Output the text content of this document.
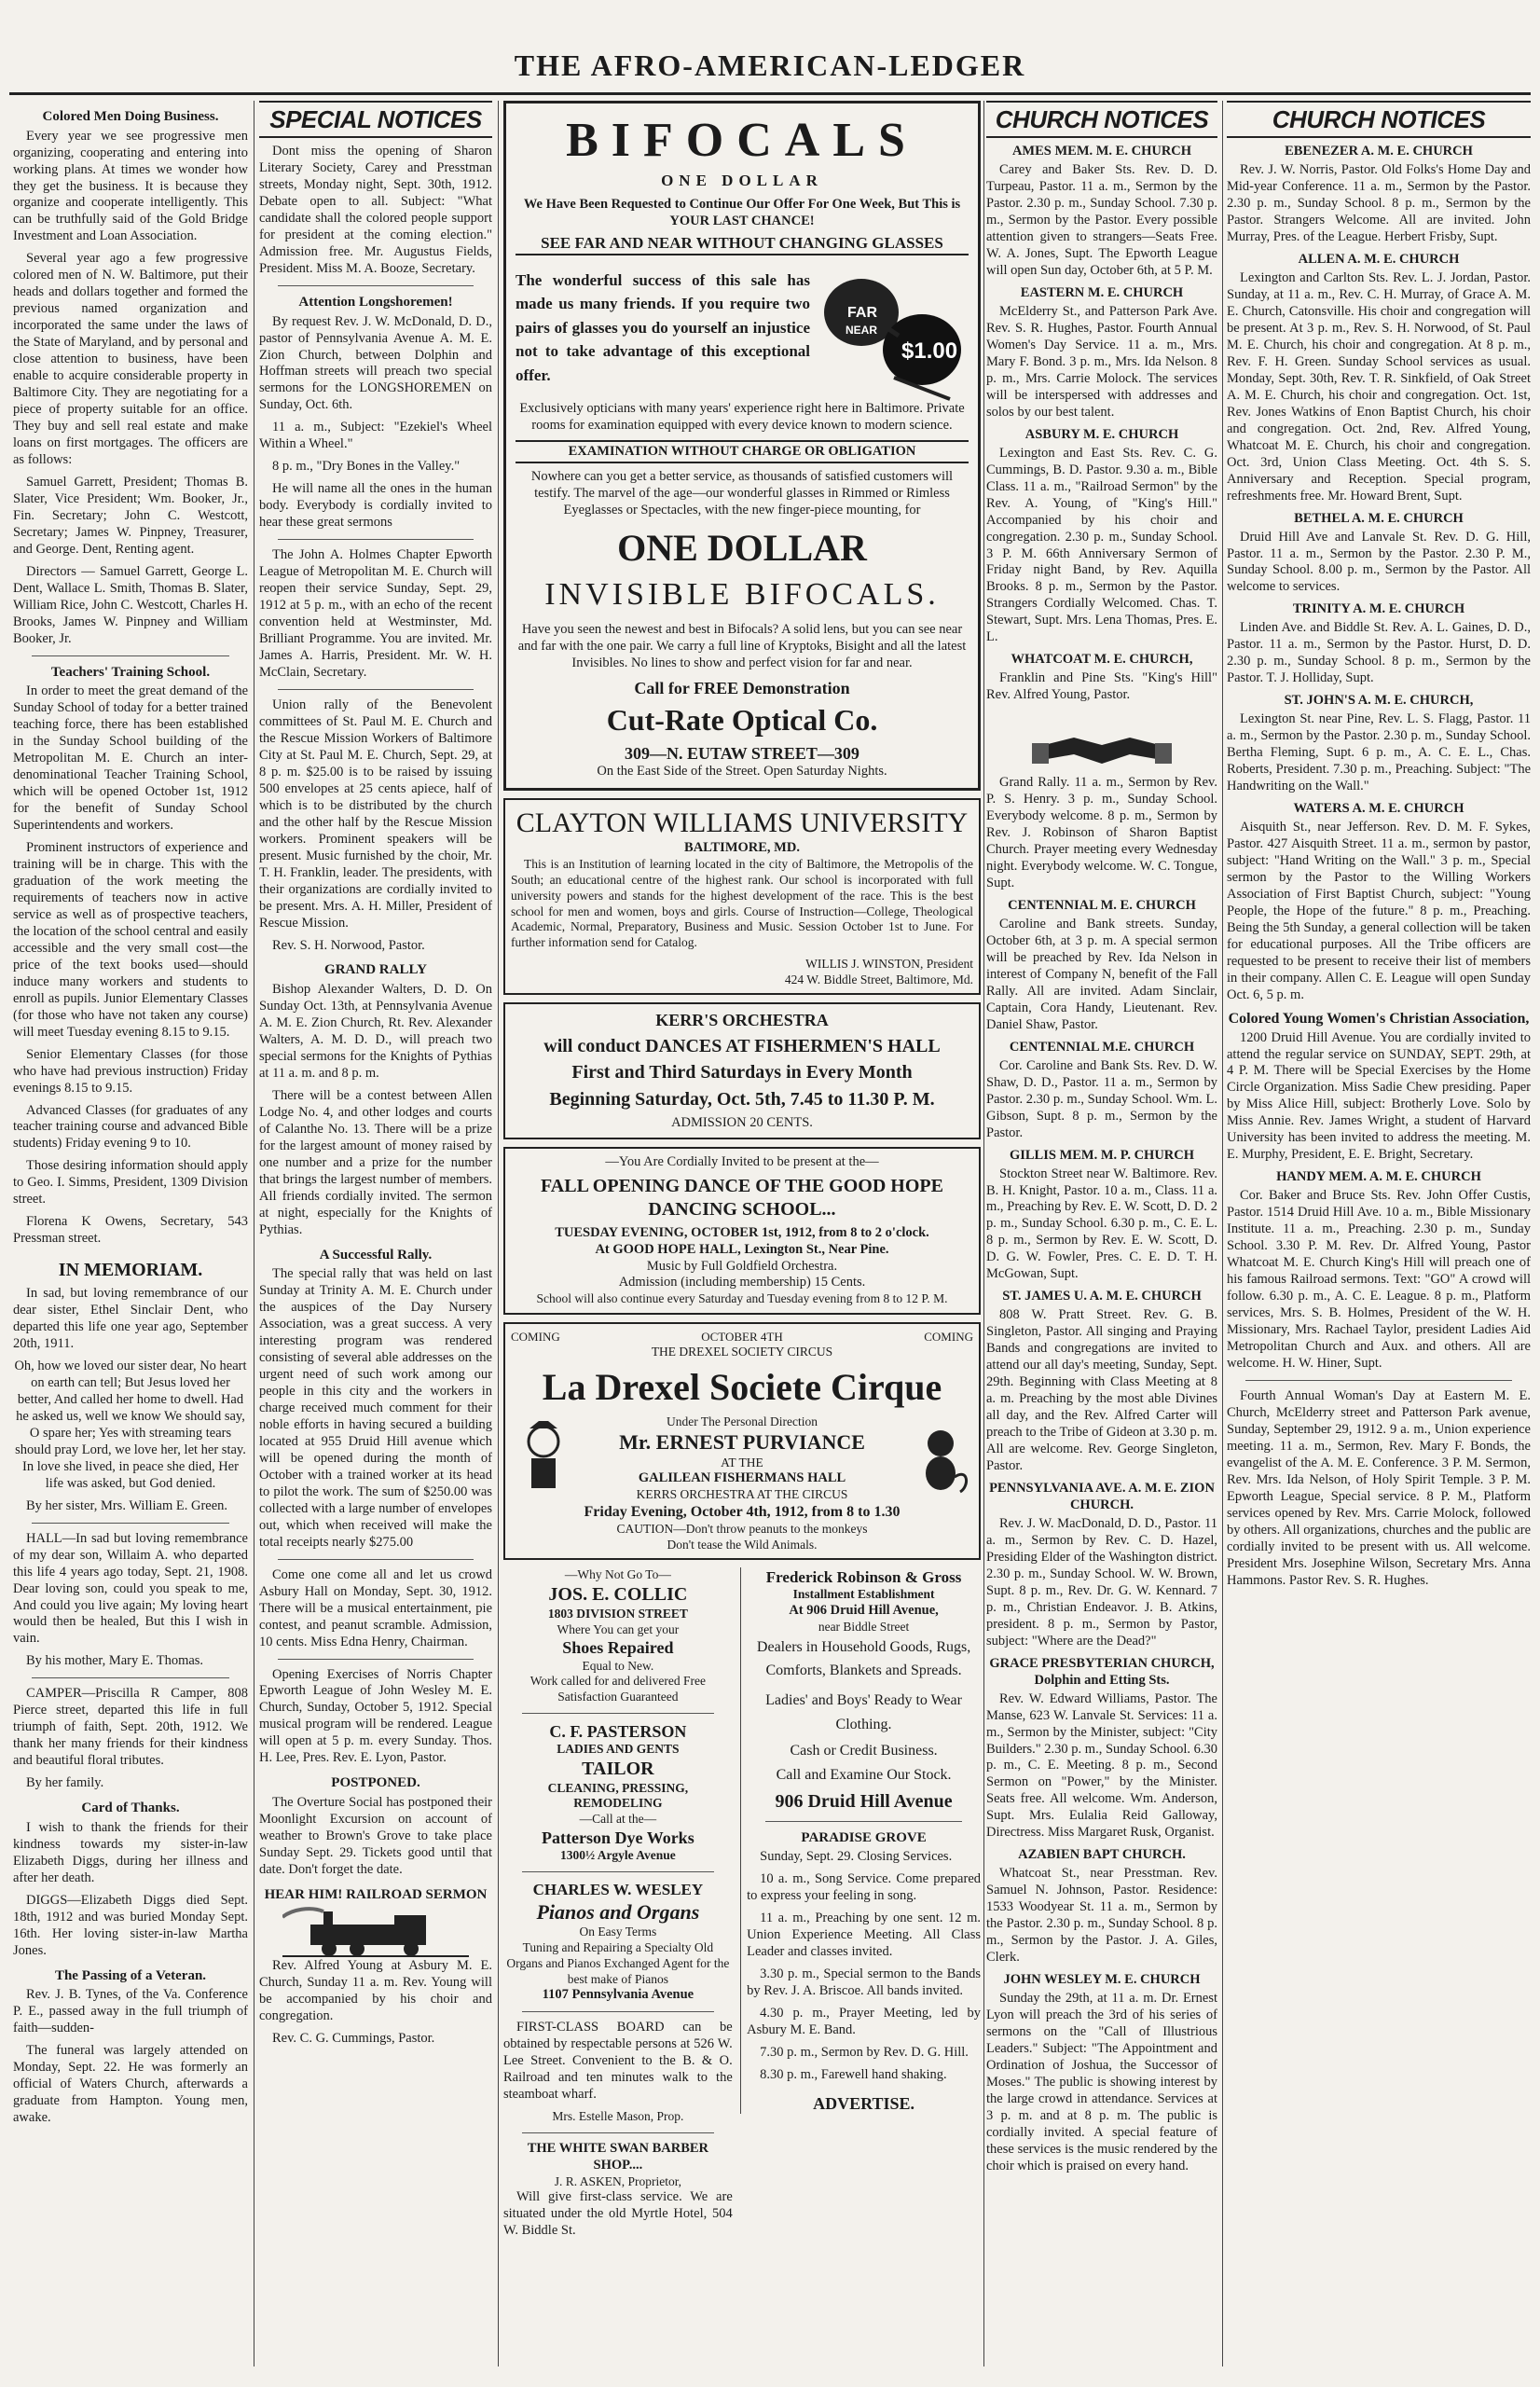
THE AFRO-AMERICAN-LEDGER
Colored Men Doing Business.

Every year we see progressive men organizing, cooperating and entering into working plans. At times we wonder how they get the business. It is because they organize and cooperate intelligently. This can be truthfully said of the Gold Bridge Investment and Loan Association.

Several year ago a few progressive colored men of N. W. Baltimore, put their heads and dollars together and formed the previous named organization and incorporated the same under the laws of the State of Maryland, and by personal and close attention to business, have been enable to acquire considerable property in Baltimore City. They are negotiating for a piece of property suitable for an office. They buy and sell real estate and make loans on first mortgages. The officers are as follows:

Samuel Garrett, President; Thomas B. Slater, Vice President; Wm. Booker, Jr., Fin. Secretary; John C. Westcott, Secretary; James W. Pinpney, Treasurer, and George. Dent, Renting agent.

Directors — Samuel Garrett, George L. Dent, Wallace L. Smith, Thomas B. Slater, William Rice, John C. Westcott, Charles H. Brooks, James W. Pinpney and William Booker, Jr.

Teachers' Training School.

In order to meet the great demand of the Sunday School of today for a better trained teaching force, there has been established in the Sunday School building of the Metropolitan M. E. Church an inter-denominational Teacher Training School, which will be opened October 1st, 1912 for the benefit of Sunday School Superintendents and workers.

Prominent instructors of experience and training will be in charge. This with the graduation of the work meeting the requirements of teachers now in active service as well as of prospective teachers, the location of the school central and easily accessible and the very small cost—the price of the text books used—should induce many workers and students to enroll as pupils. Junior Elementary Classes (for those who have not taken any course) will meet Tuesday evening 8.15 to 9.15.

Senior Elementary Classes (for those who have had previous instruction) Friday evenings 8.15 to 9.15.

Advanced Classes (for graduates of any teacher training course and advanced Bible students) Friday evening 9 to 10.

Those desiring information should apply to Geo. I. Simms, President, 1309 Division street.

Florena K Owens, Secretary, 543 Pressman street.

IN MEMORIAM.

In sad, but loving remembrance of our dear sister, Ethel Sinclair Dent, who departed this life one year ago, September 20th, 1911.

Oh, how we loved our sister dear, No heart on earth can tell; But Jesus loved her better, And called her home to dwell. Had he asked us, well we know We should say, O spare her; Yes with streaming tears should pray Lord, we love her, let her stay. In love she lived, in peace she died, Her life was asked, but God denied.

By her sister, Mrs. William E. Green.

HALL—In sad but loving remembrance of my dear son, Willaim A. who departed this life 4 years ago today, Sept. 21, 1908. Dear loving son, could you speak to me, And could you live again; My loving heart would then be healed, But this I wish in vain.

By his mother, Mary E. Thomas.

CAMPER—Priscilla R Camper, 808 Pierce street, departed this life in full triumph of faith, Sept. 20th, 1912. We thank her many friends for their kindness and beautiful floral tributes.

By her family.

Card of Thanks.

I wish to thank the friends for their kindness towards my sister-in-law Elizabeth Diggs, during her illness and after her death.

DIGGS—Elizabeth Diggs died Sept. 18th, 1912 and was buried Monday Sept. 16th. Her loving sister-in-law Martha Jones.

The Passing of a Veteran.

Rev. J. B. Tynes, of the Va. Conference P. E., passed away in the full triumph of faith—sudden-

The funeral was largely attended on Monday, Sept. 22. He was formerly an official of Waters Church, afterwards a graduate from Hampton. Young men, awake.

SPECIAL NOTICES

Dont miss the opening of Sharon Literary Society, Carey and Presstman streets, Monday night, Sept. 30th, 1912. Debate open to all. Subject: "What candidate shall the colored people support for president at the coming election." Admission free. Mr. Augustus Fields, President. Miss M. A. Booze, Secretary.

Attention Longshoremen!

By request Rev. J. W. McDonald, D. D., pastor of Pennsylvania Avenue A. M. E. Zion Church, between Dolphin and Hoffman streets will preach two special sermons for the LONGSHOREMEN on Sunday, Oct. 6th.

11 a. m., Subject: "Ezekiel's Wheel Within a Wheel."

8 p. m., "Dry Bones in the Valley."

He will name all the ones in the human body. Everybody is cordially invited to hear these great sermons

The John A. Holmes Chapter Epworth League of Metropolitan M. E. Church will reopen their service Sunday, Sept. 29, 1912 at 5 p. m., with an echo of the recent convention held at Westminster, Md. Brilliant Programme. You are invited. Mr. James A. Harris, President. Mr. W. H. McClain, Secretary.

Union rally of the Benevolent committees of St. Paul M. E. Church and the Rescue Mission Workers of Baltimore City at St. Paul M. E. Church, Sept. 29, at 8 p. m. $25.00 is to be raised by issuing 500 envelopes at 25 cents apiece, half of which is to be distributed by the church and the other half by the Rescue Mission workers. Prominent speakers will be present. Music furnished by the choir, Mr. T. H. Franklin, leader. The presidents, with their organizations are cordially invited to be present. Mrs. A. H. Miller, President of Rescue Mission.

Rev. S. H. Norwood, Pastor.

GRAND RALLY

Bishop Alexander Walters, D. D. On Sunday Oct. 13th, at Pennsylvania Avenue A. M. E. Zion Church, Rt. Rev. Alexander Walters, A. M. D. D., will preach two special sermons for the Knights of Pythias at 11 a. m. and 8 p. m.

There will be a contest between Allen Lodge No. 4, and other lodges and courts of Calanthe No. 13. There will be a prize for the largest amount of money raised by one number and a prize for the number that brings the largest number of members. All friends cordially invited. The sermon at night, especially for the Knights of Pythias.

A Successful Rally.

The special rally that was held on last Sunday at Trinity A. M. E. Church under the auspices of the Day Nursery Association, was a great success. A very interesting program was rendered consisting of several able addresses on the urgent need of such work among our people in this city and the workers in charge received much comment for their noble efforts in having secured a building located at 955 Druid Hill avenue which will be opened during the month of October with a trained worker at its head to pilot the work. The sum of $250.00 was collected with a large number of envelopes out, which when received will make the total receipts nearly $275.00

Come one come all and let us crowd Asbury Hall on Monday, Sept. 30, 1912. There will be a musical entertainment, pie contest, and peanut scramble. Admission, 10 cents. Miss Edna Henry, Chairman.

Opening Exercises of Norris Chapter Epworth League of John Wesley M. E. Church, Sunday, October 5, 1912. Special musical program will be rendered. League will open at 5 p. m. every Sunday. Thos. H. Lee, Pres. Rev. E. Lyon, Pastor.

POSTPONED.

The Overture Social has postponed their Moonlight Excursion on account of weather to Brown's Grove to take place Sunday Sept. 29. Tickets good until that date. Don't forget the date.

HEAR HIM! RAILROAD SERMON

Rev. Alfred Young at Asbury M. E. Church, Sunday 11 a. m. Rev. Young will be accompanied by his choir and congregation.

Rev. C. G. Cummings, Pastor.

BIFOCALS
ONE DOLLAR
We Have Been Requested to Continue Our Offer For One Week, But This is YOUR LAST CHANCE!
SEE FAR AND NEAR WITHOUT CHANGING GLASSES

The wonderful success of this sale has made us many friends. If you require two pairs of glasses you do yourself an injustice not to take advantage of this exceptional offer.

FAR
NEAR
$1.00

Exclusively opticians with many years' experience right here in Baltimore. Private rooms for examination equipped with every device known to modern science.

EXAMINATION WITHOUT CHARGE OR OBLIGATION

Nowhere can you get a better service, as thousands of satisfied customers will testify. The marvel of the age—our wonderful glasses in Rimmed or Rimless Eyeglasses or Spectacles, with the new finger-piece mounting, for

ONE DOLLAR
INVISIBLE BIFOCALS.

Have you seen the newest and best in Bifocals? A solid lens, but you can see near and far with the one pair. We carry a full line of Kryptoks, Bisight and all the latest Invisibles. No lines to show and perfect vision for far and near.

Call for FREE Demonstration
Cut-Rate Optical Co.
309—N. EUTAW STREET—309
On the East Side of the Street. Open Saturday Nights.
CLAYTON WILLIAMS UNIVERSITY
BALTIMORE, MD.

This is an Institution of learning located in the city of Baltimore, the Metropolis of the South; an educational centre of the highest rank. Our school is incorporated with full university powers and stands for the highest development of the race. This is the best school for men and women, boys and girls. Course of Instruction—College, Theological Academic, Normal, Preparatory, Business and Music. Session October 1st to June. For further information send for Catalog.

WILLIS J. WINSTON, President
424 W. Biddle Street, Baltimore, Md.
KERR'S ORCHESTRA
will conduct DANCES AT FISHERMEN'S HALL
First and Third Saturdays in Every Month
Beginning Saturday, Oct. 5th, 7.45 to 11.30 P. M.
ADMISSION 20 CENTS.
—You Are Cordially Invited to be present at the—
FALL OPENING DANCE OF THE GOOD HOPE DANCING SCHOOL...
TUESDAY EVENING, OCTOBER 1st, 1912, from 8 to 2 o'clock.
At GOOD HOPE HALL, Lexington St., Near Pine.
Music by Full Goldfield Orchestra.
Admission (including membership) 15 Cents.
School will also continue every Saturday and Tuesday evening from 8 to 12 P. M.
COMING	OCTOBER 4TH	COMING
THE DREXEL SOCIETY CIRCUS
La Drexel Societe Cirque
Under The Personal Direction
Mr. ERNEST PURVIANCE
AT THE
GALILEAN FISHERMANS HALL
KERRS ORCHESTRA AT THE CIRCUS
Friday Evening, October 4th, 1912, from 8 to 1.30
CAUTION—Don't throw peanuts to the monkeys
Don't tease the Wild Animals.
—Why Not Go To—
JOS. E. COLLIC
1803 DIVISION STREET
Where You can get your
Shoes Repaired
Equal to New.
Work called for and delivered Free Satisfaction Guaranteed
C. F. PASTERSON
LADIES AND GENTS
TAILOR
CLEANING, PRESSING, REMODELING
—Call at the—
Patterson Dye Works
1300½ Argyle Avenue
CHARLES W. WESLEY
Pianos and Organs
On Easy Terms
Tuning and Repairing a Specialty Old Organs and Pianos Exchanged Agent for the best make of Pianos
1107 Pennsylvania Avenue

FIRST-CLASS BOARD can be obtained by respectable persons at 526 W. Lee Street. Convenient to the B. & O. Railroad and ten minutes walk to the steamboat wharf.

Mrs. Estelle Mason, Prop.
THE WHITE SWAN BARBER SHOP....
J. R. ASKEN, Proprietor,

Will give first-class service. We are situated under the old Myrtle Hotel, 504 W. Biddle St.

Frederick Robinson & Gross
Installment Establishment
At 906 Druid Hill Avenue,
near Biddle Street

Dealers in Household Goods, Rugs, Comforts, Blankets and Spreads.

Ladies' and Boys' Ready to Wear Clothing.

Cash or Credit Business.

Call and Examine Our Stock.

906 Druid Hill Avenue
PARADISE GROVE

Sunday, Sept. 29. Closing Services.

10 a. m., Song Service. Come prepared to express your feeling in song.

11 a. m., Preaching by one sent. 12 m. Union Experience Meeting. All Class Leader and classes invited.

3.30 p. m., Special sermon to the Bands by Rev. J. A. Briscoe. All bands invited.

4.30 p. m., Prayer Meeting, led by Asbury M. E. Band.

7.30 p. m., Sermon by Rev. D. G. Hill.

8.30 p. m., Farewell hand shaking.

ADVERTISE.
CHURCH NOTICES
AMES MEM. M. E. CHURCH

Carey and Baker Sts. Rev. D. D. Turpeau, Pastor. 11 a. m., Sermon by the Pastor. 2.30 p. m., Sunday School. 7.30 p. m., Sermon by the Pastor. Every possible attention given to strangers—Seats Free. W. A. Jones, Supt. The Epworth League will open Sun day, October 6th, at 5 P. M.

EASTERN M. E. CHURCH

McElderry St., and Patterson Park Ave. Rev. S. R. Hughes, Pastor. Fourth Annual Women's Day Service. 11 a. m., Mrs. Mary F. Bond. 3 p. m., Mrs. Ida Nelson. 8 p. m., Mrs. Carrie Molock. The services will be interspersed with addresses and solos by our best talent.

ASBURY M. E. CHURCH

Lexington and East Sts. Rev. C. G. Cummings, B. D. Pastor. 9.30 a. m., Bible Class. 11 a. m., "Railroad Sermon" by the Rev. A. Young, of "King's Hill." Accompanied by his choir and congregation. 2.30 p. m., Sunday School. 3 P. M. 66th Anniversary Sermon of Friday night Band, by Rev. Aquilla Brooks. 8 p. m., Sermon by the Pastor. Strangers Cordially Welcomed. Chas. T. Stewart, Supt. Mrs. Lena Thomas, Pres. E. L.

WHATCOAT M. E. CHURCH,

Franklin and Pine Sts. "King's Hill" Rev. Alfred Young, Pastor.

Grand Rally. 11 a. m., Sermon by Rev. P. S. Henry. 3 p. m., Sunday School. Everybody welcome. 8 p. m., Sermon by Rev. J. Robinson of Sharon Baptist Church. Prayer meeting every Wednesday night. Everybody welcome. W. C. Tongue, Supt.

CENTENNIAL M. E. CHURCH

Caroline and Bank streets. Sunday, October 6th, at 3 p. m. A special sermon will be preached by Rev. Ida Nelson in interest of Company N, benefit of the Fall Rally. All are invited. Adam Sinclair, Captain, Cora Handy, Lieutenant. Rev. Daniel Shaw, Pastor.

CENTENNIAL M.E. CHURCH

Cor. Caroline and Bank Sts. Rev. D. W. Shaw, D. D., Pastor. 11 a. m., Sermon by Pastor. 2.30 p. m., Sunday School. Wm. L. Gibson, Supt. 8 p. m., Sermon by the Pastor.

GILLIS MEM. M. P. CHURCH

Stockton Street near W. Baltimore. Rev. B. H. Knight, Pastor. 10 a. m., Class. 11 a. m., Preaching by Rev. E. W. Scott, D. D. 2 p. m., Sunday School. 6.30 p. m., C. E. L. 8 p. m., Sermon by Rev. E. W. Scott, D. D. G. W. Fowler, Pres. C. E. D. T. H. McGowan, Supt.

ST. JAMES U. A. M. E. CHURCH

808 W. Pratt Street. Rev. G. B. Singleton, Pastor. All singing and Praying Bands and congregations are invited to attend our all day's meeting, Sunday, Sept. 29th. Beginning with Class Meeting at 8 a. m. Preaching by the most able Divines all day, and the Rev. Alfred Carter will preach to the Tribe of Gideon at 3.30 p. m. All are welcome. Rev. George Singleton, Pastor.

PENNSYLVANIA AVE. A. M. E. ZION CHURCH.

Rev. J. W. MacDonald, D. D., Pastor. 11 a. m., Sermon by Rev. C. D. Hazel, Presiding Elder of the Washington district. 2.30 p. m., Sunday School. W. W. Brown, Supt. 8 p. m., Rev. Dr. G. W. Kennard. 7 p. m., Christian Endeavor. J. B. Atkins, president. 8 p. m., Sermon by Pastor, subject: "Where are the Dead?"

GRACE PRESBYTERIAN CHURCH, Dolphin and Etting Sts.

Rev. W. Edward Williams, Pastor. The Manse, 623 W. Lanvale St. Services: 11 a. m., Sermon by the Minister, subject: "City Builders." 2.30 p. m., Sunday School. 6.30 p. m., C. E. Meeting. 8 p. m., Second Sermon on "Power," by the Minister. Seats free. All welcome. Wm. Anderson, Supt. Mrs. Eulalia Reid Galloway, Directress. Miss Margaret Rusk, Organist.

AZABIEN BAPT CHURCH.

Whatcoat St., near Presstman. Rev. Samuel N. Johnson, Pastor. Residence: 1533 Woodyear St. 11 a. m., Sermon by the Pastor. 2.30 p. m., Sunday School. 8 p. m., Sermon by the Pastor. J. A. Giles, Clerk.

JOHN WESLEY M. E. CHURCH

Sunday the 29th, at 11 a. m. Dr. Ernest Lyon will preach the 3rd of his series of sermons on the "Call of Illustrious Leaders." Subject: "The Appointment and Ordination of Joshua, the Successor of Moses." The public is showing interest by the large crowd in attendance. Services at 3 p. m. and at 8 p. m. The public is cordially invited. A special feature of these services is the music rendered by the choir which is praised on every hand.

CHURCH NOTICES
EBENEZER A. M. E. CHURCH

Rev. J. W. Norris, Pastor. Old Folks's Home Day and Mid-year Conference. 11 a. m., Sermon by the Pastor. 2.30 p. m., Sunday School. 8 p. m., Sermon by the Pastor. Strangers Welcome. All are invited. John Murray, Pres. of the League. Herbert Frisby, Supt.

ALLEN A. M. E. CHURCH

Lexington and Carlton Sts. Rev. L. J. Jordan, Pastor. Sunday, at 11 a. m., Rev. C. H. Murray, of Grace A. M. E. Church, Catonsville. His choir and congregation will be present. At 3 p. m., Rev. S. H. Norwood, of St. Paul M. E. Church, his choir and congregation. At 8 p. m., Rev. F. H. Green. Sunday School services as usual. Monday, Sept. 30th, Rev. T. R. Sinkfield, of Oak Street A. M. E. Church, his choir and congregation. Oct. 1st, Rev. Jones Watkins of Enon Baptist Church, his choir and congregation. Oct. 2nd, Rev. Alfred Young, Whatcoat M. E. Church, his choir and congregation. Oct. 3rd, Union Class Meeting. Oct. 4th S. S. Anniversary and Reception. Special program, refreshments free. Mr. Howard Brent, Supt.

BETHEL A. M. E. CHURCH

Druid Hill Ave and Lanvale St. Rev. D. G. Hill, Pastor. 11 a. m., Sermon by the Pastor. 2.30 P. M., Sunday School. 8.00 p. m., Sermon by the Pastor. All welcome to services.

TRINITY A. M. E. CHURCH

Linden Ave. and Biddle St. Rev. A. L. Gaines, D. D., Pastor. 11 a. m., Sermon by the Pastor. Hurst, D. D. 2.30 p. m., Sunday School. 8 p. m., Sermon by the Pastor. T. J. Holliday, Supt.

ST. JOHN'S A. M. E. CHURCH,

Lexington St. near Pine, Rev. L. S. Flagg, Pastor. 11 a. m., Sermon by the Pastor. 2.30 p. m., Sunday School. Bertha Fleming, Supt. 6 p. m., A. C. E. L., Chas. Roberts, President. 7.30 p. m., Preaching. Subject: "The Handwriting on the Wall."

WATERS A. M. E. CHURCH

Aisquith St., near Jefferson. Rev. D. M. F. Sykes, Pastor. 427 Aisquith Street. 11 a. m., sermon by pastor, subject: "Hand Writing on the Wall." 3 p. m., Special sermon by the Pastor to the Willing Workers Association of First Baptist Church, subject: "Young People, the Hope of the future." 8 p. m., Preaching. Being the 5th Sunday, a general collection will be taken for educational purposes. All the Tribe officers are requested to be present to receive their list of members in their company. Allen C. E. League will open Sunday Oct. 6, 5 p. m.

Colored Young Women's Christian Association,

1200 Druid Hill Avenue. You are cordially invited to attend the regular service on SUNDAY, SEPT. 29th, at 4 P. M. There will be Special Exercises by the Home Circle Organization. Miss Sadie Chew presiding. Paper by Miss Alice Hill, subject: Brotherly Love. Solo by Miss Annie. Rev. James Wright, a student of Harvard University has been invited to address the meeting. M. E. Murphy, President, E. E. Bright, Secretary.

HANDY MEM. A. M. E. CHURCH

Cor. Baker and Bruce Sts. Rev. John Offer Custis, Pastor. 1514 Druid Hill Ave. 10 a. m., Bible Missionary Institute. 11 a. m., Preaching. 2.30 p. m., Sunday School. 3.30 P. M. Rev. Dr. Alfred Young, Pastor Whatcoat M. E. Church King's Hill will preach one of his famous Railroad sermons. Text: "GO" A crowd will follow. 6.30 p. m., A. C. E. League. 8 p. m., Platform services, Mrs. S. B. Holmes, President of the W. H. Missionary, Mrs. Rachael Taylor, president Ladies Aid Metropolitan Church and Aux. and others. All are welcome. H. W. Hiner, Supt.

Fourth Annual Woman's Day at Eastern M. E. Church, McElderry street and Patterson Park avenue, Sunday, September 29, 1912. 9 a. m., Union experience meeting. 11 a. m., Sermon, Rev. Mary F. Bonds, the evangelist of the A. M. E. Conference. 3 P. M. Sermon, Rev. Mrs. Ida Nelson, of Holy Spirit Temple. 3 P. M. Epworth League, Special service. 8 P. M., Platform services opened by Rev. Mrs. Carrie Molock, followed by others. All organizations, churches and the public are cordially invited to be present with us. All welcome. President Mrs. Josephine Wilson, Secretary Mrs. Anna Hammons. Pastor Rev. S. R. Hughes.
